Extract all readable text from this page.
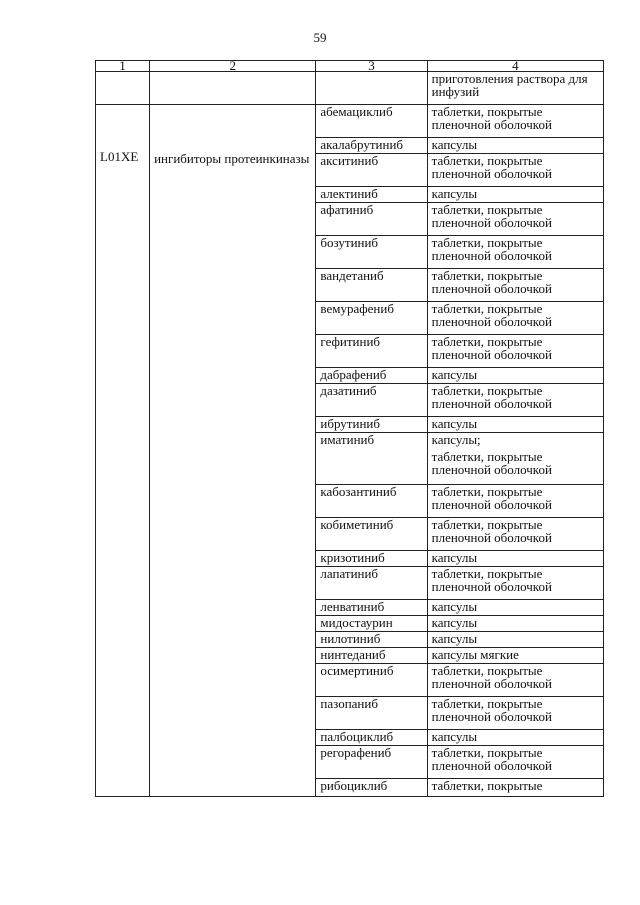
59
1	2	3	4
			приготовления раствора для инфузий
L01XE	ингибиторы протеинкиназы	абемациклиб	таблетки, покрытые пленочной оболочкой

		акалабрутиниб	капсулы

		акситиниб	таблетки, покрытые пленочной оболочкой

		алектиниб	капсулы

		афатиниб	таблетки, покрытые пленочной оболочкой

		бозутиниб	таблетки, покрытые пленочной оболочкой

		вандетаниб	таблетки, покрытые пленочной оболочкой

		вемурафениб	таблетки, покрытые пленочной оболочкой

		гефитиниб	таблетки, покрытые пленочной оболочкой

		дабрафениб	капсулы

		дазатиниб	таблетки, покрытые пленочной оболочкой

		ибрутиниб	капсулы

		иматиниб	капсулы;
таблетки, покрытые пленочной оболочкой

		кабозантиниб	таблетки, покрытые пленочной оболочкой

		кобиметиниб	таблетки, покрытые пленочной оболочкой

		кризотиниб	капсулы

		лапатиниб	таблетки, покрытые пленочной оболочкой

		ленватиниб	капсулы

		мидостаурин	капсулы

		нилотиниб	капсулы

		нинтеданиб	капсулы мягкие

		осимертиниб	таблетки, покрытые пленочной оболочкой

		пазопаниб	таблетки, покрытые пленочной оболочкой

		палбоциклиб	капсулы

		регорафениб	таблетки, покрытые пленочной оболочкой

		рибоциклиб	таблетки, покрытые
